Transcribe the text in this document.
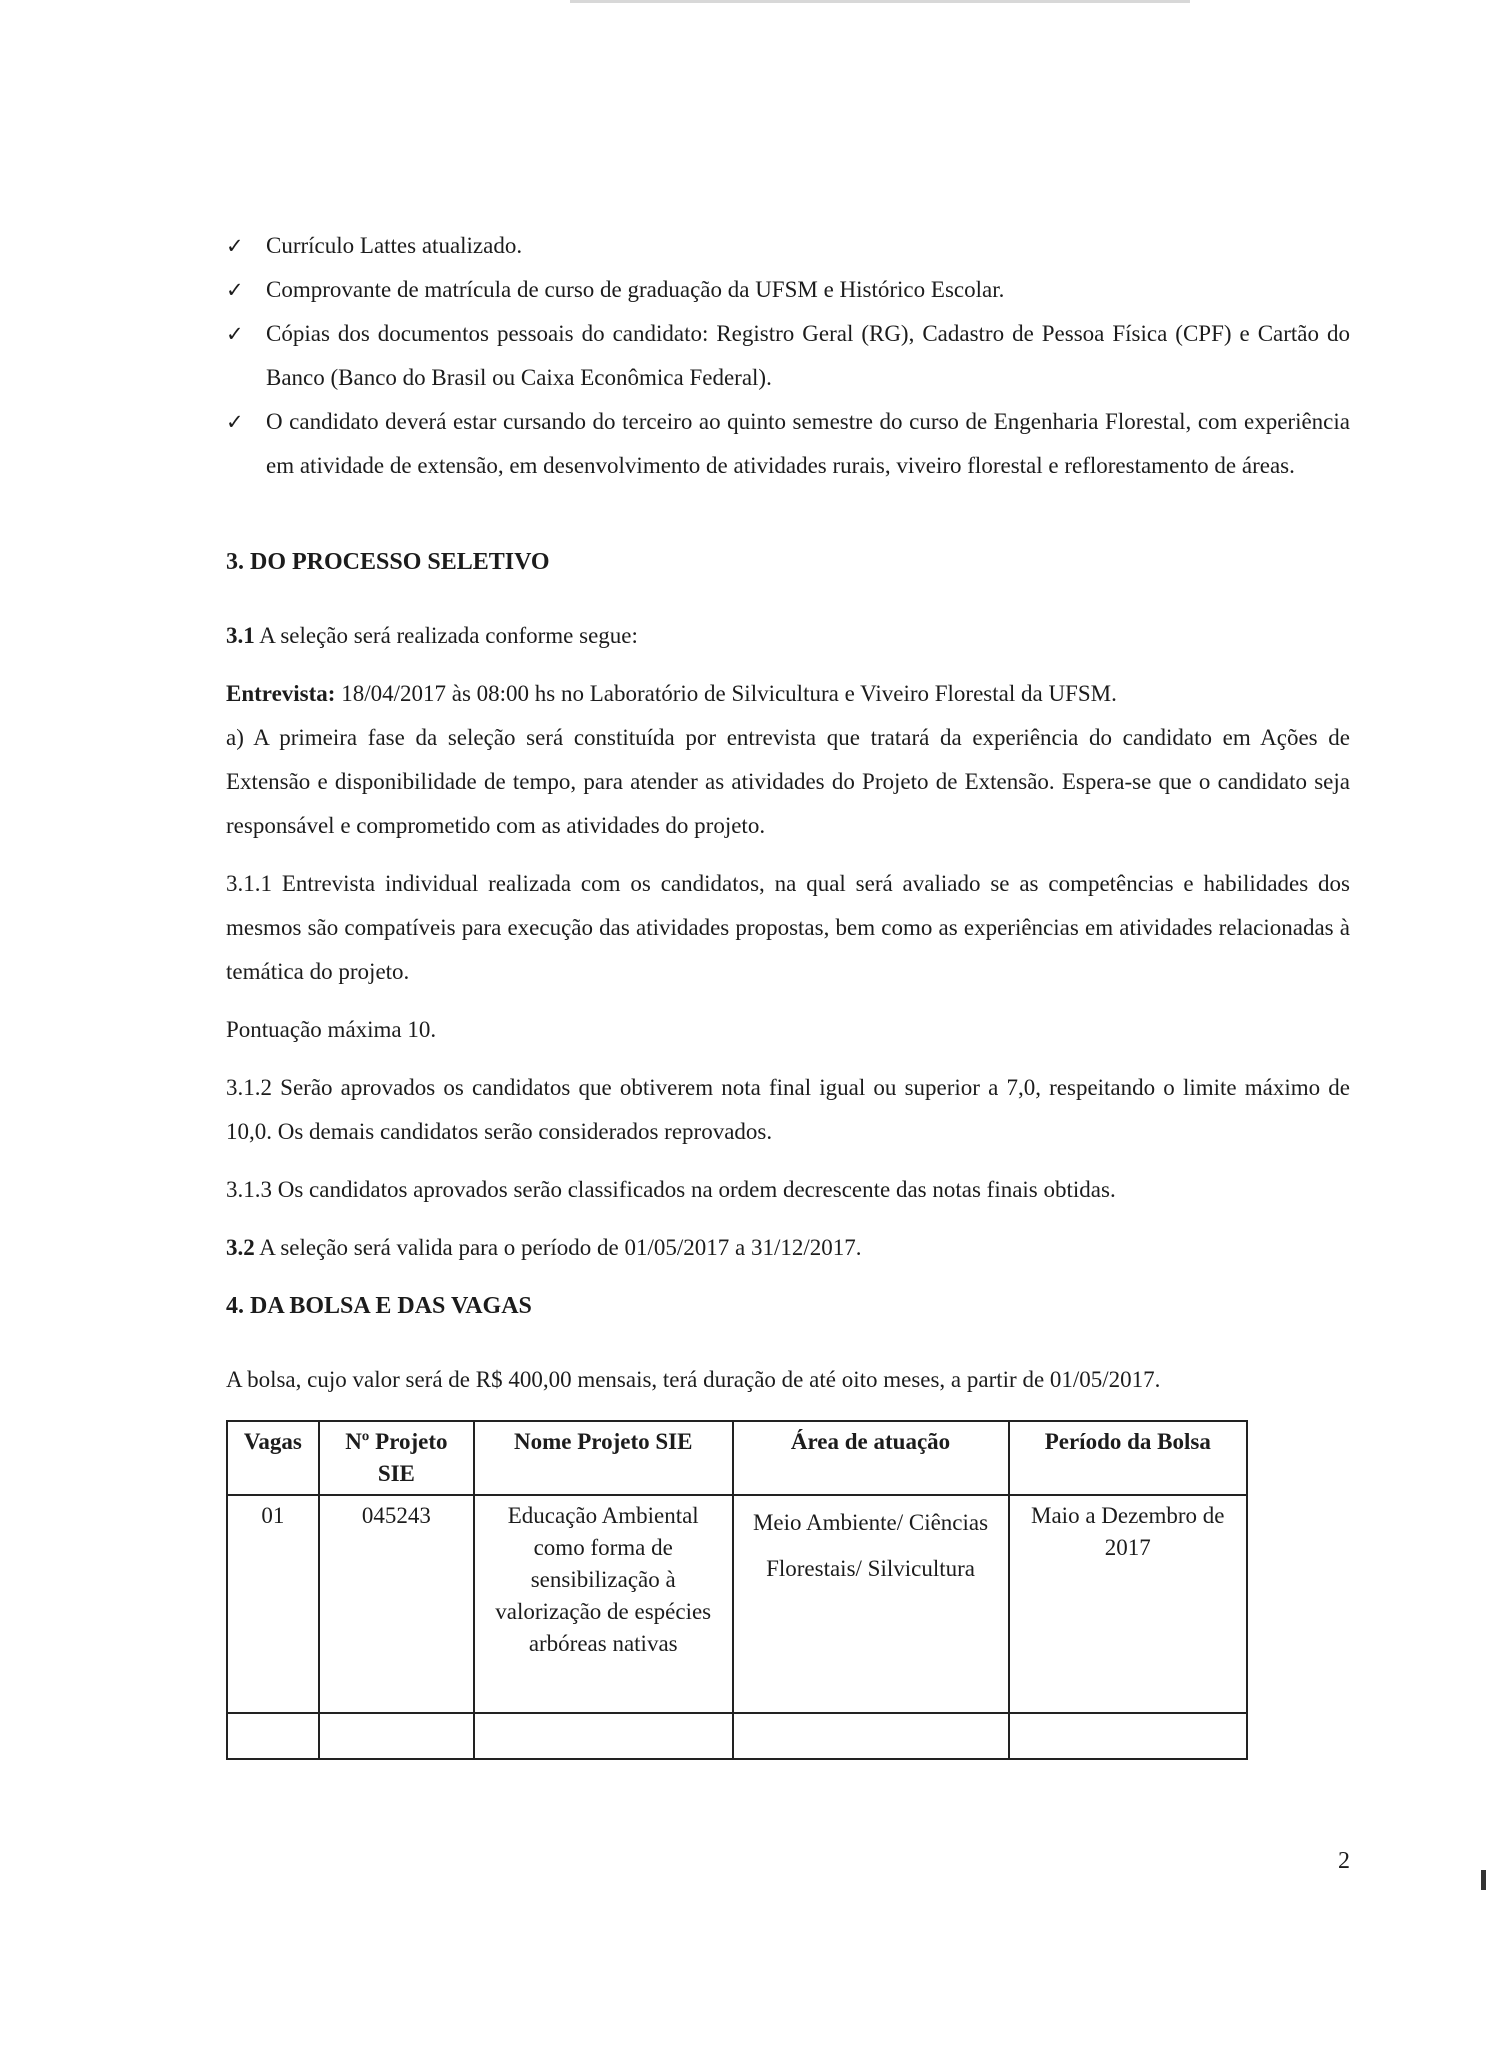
✓ Currículo Lattes atualizado.
✓ Comprovante de matrícula de curso de graduação da UFSM e Histórico Escolar.
✓ Cópias dos documentos pessoais do candidato: Registro Geral (RG), Cadastro de Pessoa Física (CPF) e Cartão do Banco (Banco do Brasil ou Caixa Econômica Federal).
✓ O candidato deverá estar cursando do terceiro ao quinto semestre do curso de Engenharia Florestal, com experiência em atividade de extensão, em desenvolvimento de atividades rurais, viveiro florestal e reflorestamento de áreas.

3. DO PROCESSO SELETIVO

3.1 A seleção será realizada conforme segue:

Entrevista: 18/04/2017 às 08:00 hs no Laboratório de Silvicultura e Viveiro Florestal da UFSM.

a) A primeira fase da seleção será constituída por entrevista que tratará da experiência do candidato em Ações de Extensão e disponibilidade de tempo, para atender as atividades do Projeto de Extensão. Espera-se que o candidato seja responsável e comprometido com as atividades do projeto.

3.1.1 Entrevista individual realizada com os candidatos, na qual será avaliado se as competências e habilidades dos mesmos são compatíveis para execução das atividades propostas, bem como as experiências em atividades relacionadas à temática do projeto.

Pontuação máxima 10.

3.1.2 Serão aprovados os candidatos que obtiverem nota final igual ou superior a 7,0, respeitando o limite máximo de 10,0. Os demais candidatos serão considerados reprovados.

3.1.3 Os candidatos aprovados serão classificados na ordem decrescente das notas finais obtidas.

3.2 A seleção será valida para o período de 01/05/2017 a 31/12/2017.

4. DA BOLSA E DAS VAGAS

A bolsa, cujo valor será de R$ 400,00 mensais, terá duração de até oito meses, a partir de 01/05/2017.

Vagas	Nº Projeto SIE	Nome Projeto SIE	Área de atuação	Período da Bolsa
01	045243	Educação Ambiental como forma de sensibilização à valorização de espécies arbóreas nativas	Meio Ambiente/ Ciências Florestais/ Silvicultura	Maio a Dezembro de 2017

2
